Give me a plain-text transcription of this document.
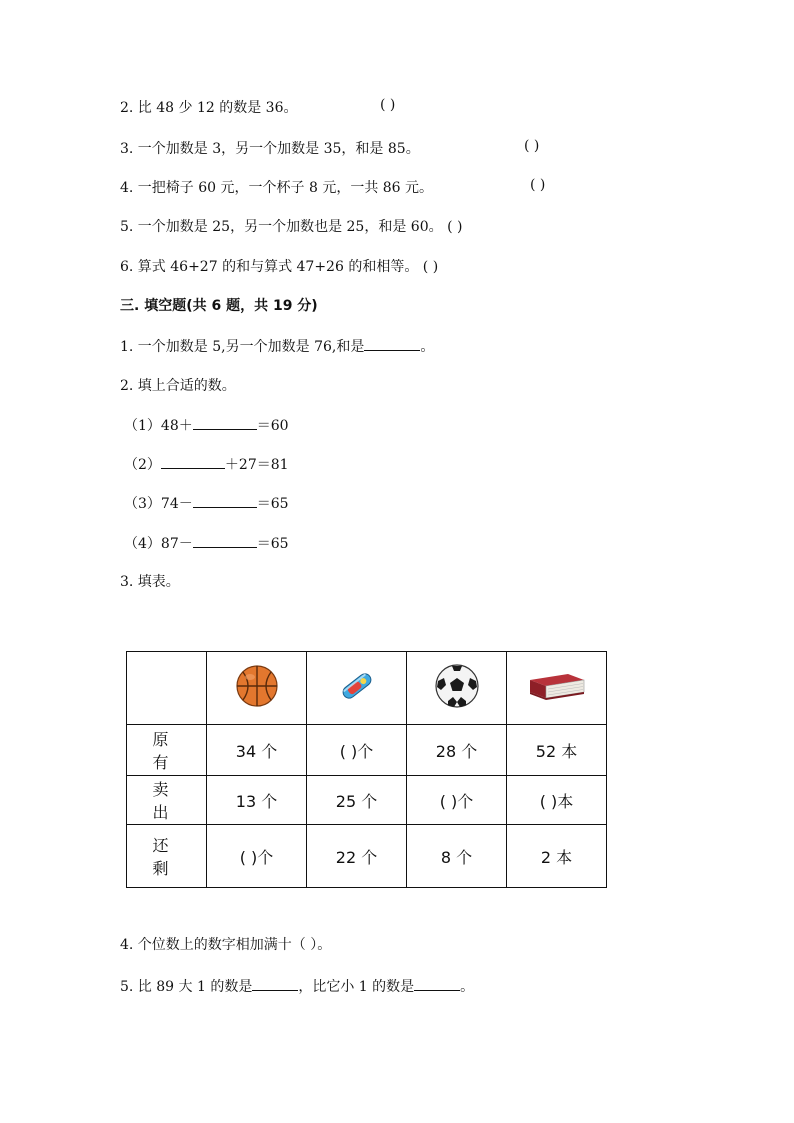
2. 比 48 少 12 的数是 36。	( )
3. 一个加数是 3，另一个加数是 35，和是 85。	( )
4. 一把椅子 60 元，一个杯子 8 元，一共 86 元。	( )
5. 一个加数是 25，另一个加数也是 25，和是 60。 ( )
6. 算式 46+27 的和与算式 47+26 的和相等。 ( )
三. 填空题(共 6 题，共 19 分)
1. 一个加数是 5,另一个加数是 76,和是	。
2. 填上合适的数。
（1）48＋	＝60
（2）	＋27＝81
（3）74－	＝65
（4）87－	＝65
3. 填表。

原有	34 个	( )个	28 个	52 本
卖出	13 个	25 个	( )个	( )本
还剩	( )个	22 个	8 个	2 本
4. 个位数上的数字相加满十（ ）。
5. 比 89 大 1 的数是	，比它小 1 的数是	。
